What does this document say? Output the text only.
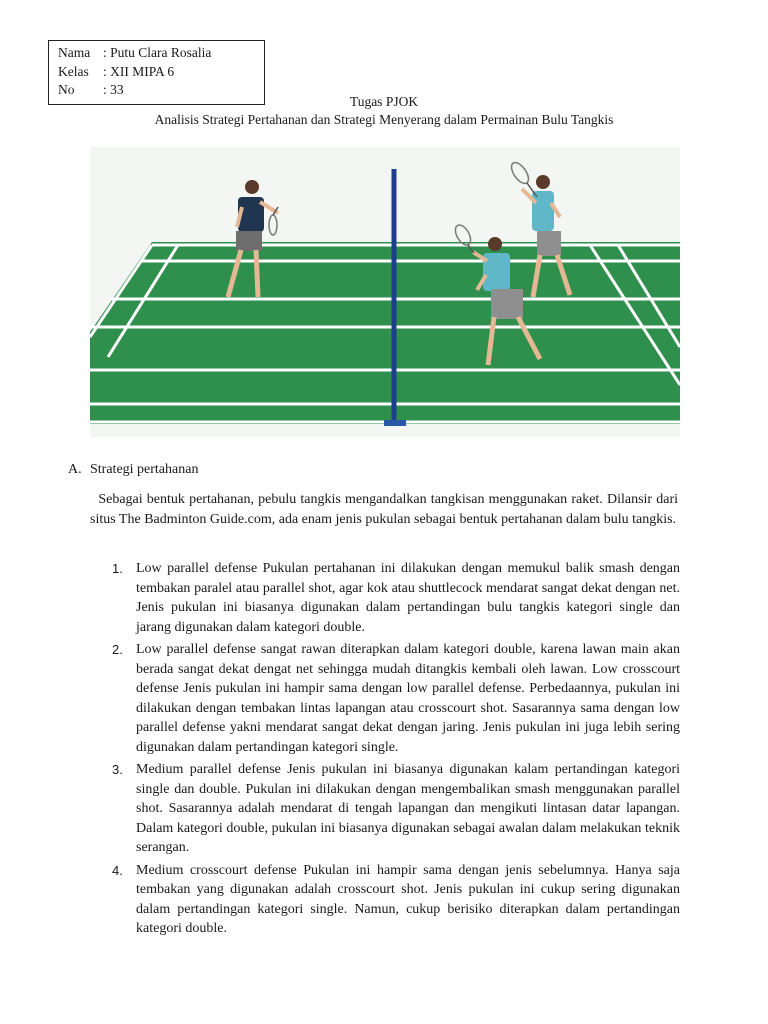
Nama : Putu Clara Rosalia
Kelas	: XII MIPA 6
No	: 33
Tugas PJOK
Analisis Strategi Pertahanan dan Strategi Menyerang dalam Permainan Bulu Tangkis
A. Strategi pertahanan
Sebagai bentuk pertahanan, pebulu tangkis mengandalkan tangkisan menggunakan raket. Dilansir dari situs The Badminton Guide.com, ada enam jenis pukulan sebagai bentuk pertahanan dalam bulu tangkis.
1. Low parallel defense Pukulan pertahanan ini dilakukan dengan memukul balik smash dengan tembakan paralel atau parallel shot, agar kok atau shuttlecock mendarat sangat dekat dengan net. Jenis pukulan ini biasanya digunakan dalam pertandingan bulu tangkis kategori single dan jarang digunakan dalam kategori double.
2. Low parallel defense sangat rawan diterapkan dalam kategori double, karena lawan main akan berada sangat dekat dengat net sehingga mudah ditangkis kembali oleh lawan. Low crosscourt defense Jenis pukulan ini hampir sama dengan low parallel defense. Perbedaannya, pukulan ini dilakukan dengan tembakan lintas lapangan atau crosscourt shot. Sasarannya sama dengan low parallel defense yakni mendarat sangat dekat dengan jaring. Jenis pukulan ini juga lebih sering digunakan dalam pertandingan kategori single.
3. Medium parallel defense Jenis pukulan ini biasanya digunakan kalam pertandingan kategori single dan double. Pukulan ini dilakukan dengan mengembalikan smash menggunakan parallel shot. Sasarannya adalah mendarat di tengah lapangan dan mengikuti lintasan datar lapangan. Dalam kategori double, pukulan ini biasanya digunakan sebagai awalan dalam melakukan teknik serangan.
4. Medium crosscourt defense Pukulan ini hampir sama dengan jenis sebelumnya. Hanya saja tembakan yang digunakan adalah crosscourt shot. Jenis pukulan ini cukup sering digunakan dalam pertandingan kategori single. Namun, cukup berisiko diterapkan dalam pertandingan kategori double.
